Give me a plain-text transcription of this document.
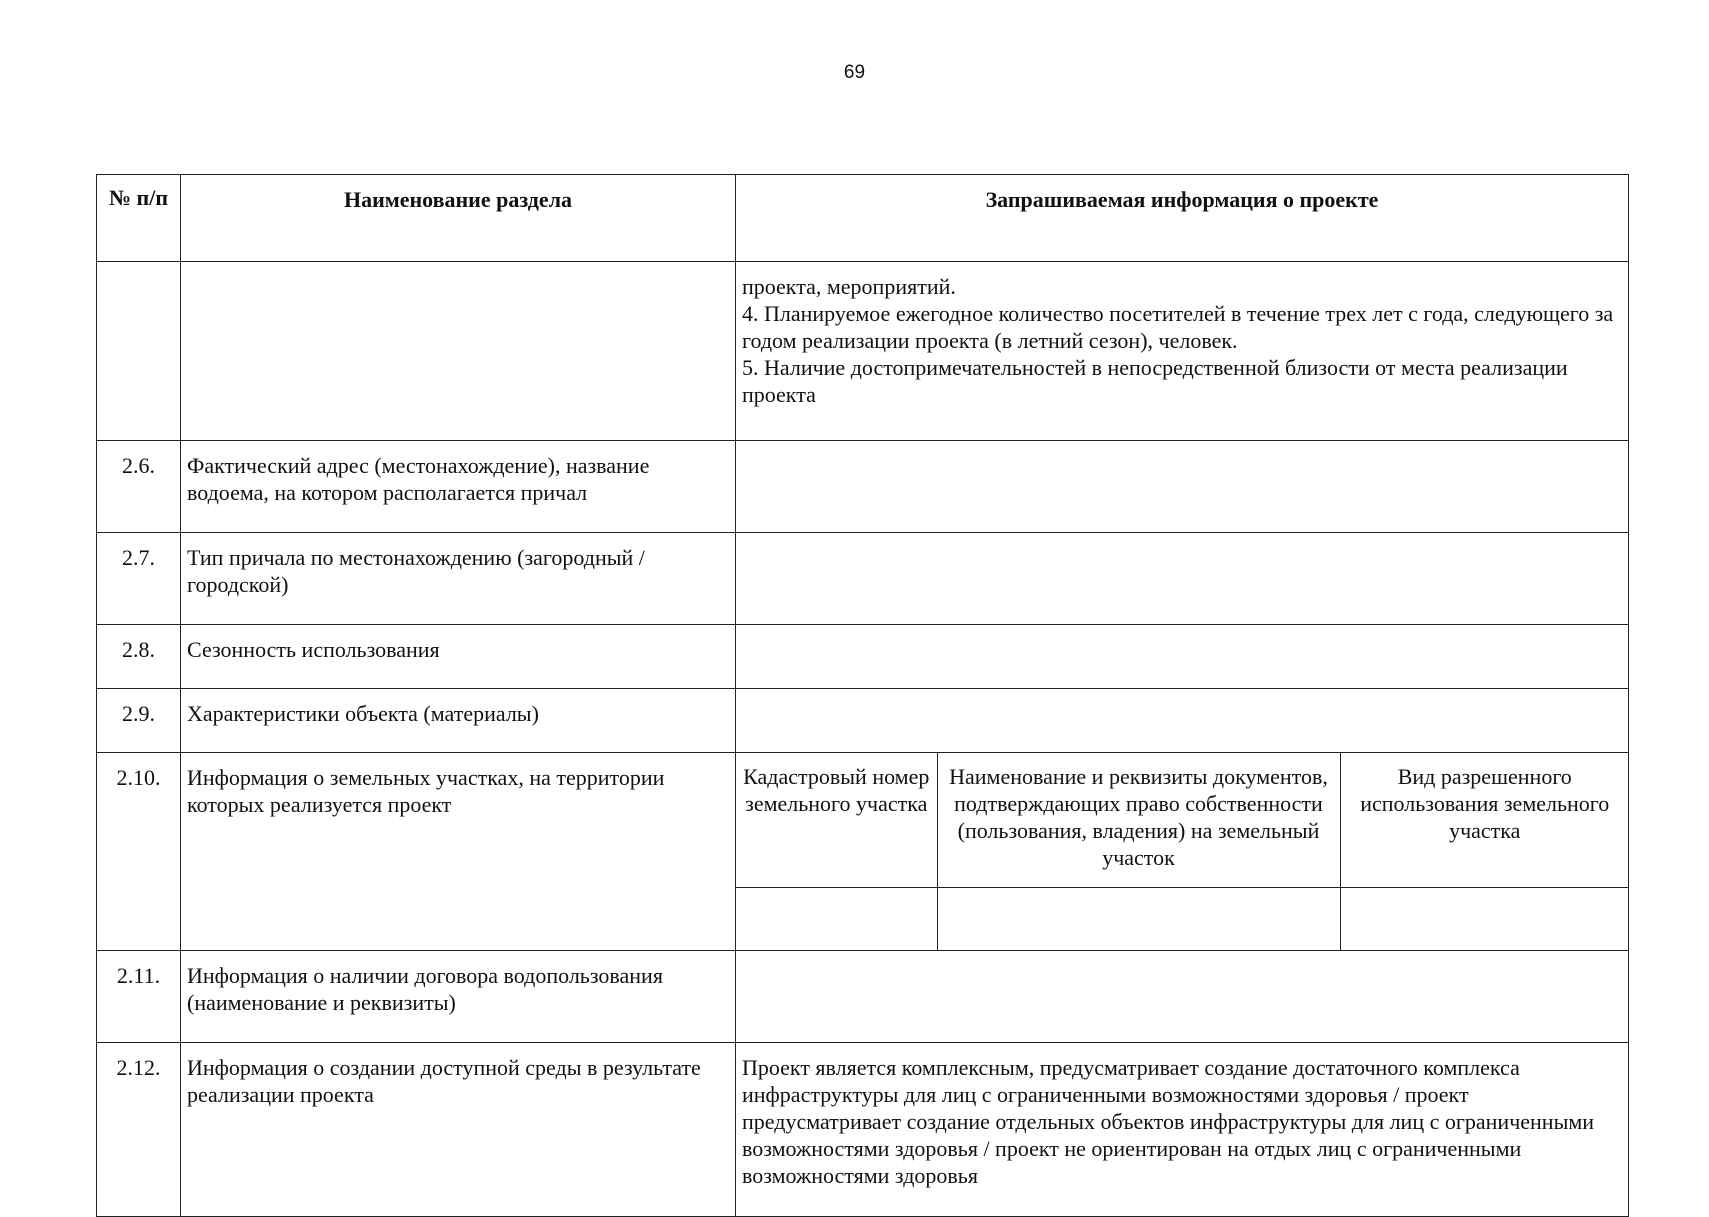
69
№ п/п	Наименование раздела	Запрашиваемая информация о проекте

проекта, мероприятий.

4. Планируемое ежегодное количество посетителей в течение трех лет с года, следующего за годом реализации проекта (в летний сезон), человек.

5. Наличие достопримечательностей в непосредственной близости от места реализации проекта

2.6.	Фактический адрес (местонахождение), название водоема, на котором располагается причал	
2.7.	Тип причала по местонахождению (загородный / городской)	
2.8.	Сезонность использования	
2.9.	Характеристики объекта (материалы)	
2.10.	Информация о земельных участках, на территории которых реализуется проект	
Кадастровый номер земельного участка	Наименование и реквизиты документов, подтверждающих право собственности (пользования, владения) на земельный участок	Вид разрешенного использования земельного участка

2.11.	Информация о наличии договора водопользования (наименование и реквизиты)	
2.12.	Информация о создании доступной среды в результате реализации проекта	Проект является комплексным, предусматривает создание достаточного комплекса инфраструктуры для лиц с ограниченными возможностями здоровья / проект предусматривает создание отдельных объектов инфраструктуры для лиц с ограниченными возможностями здоровья / проект не ориентирован на отдых лиц с ограниченными возможностями здоровья
